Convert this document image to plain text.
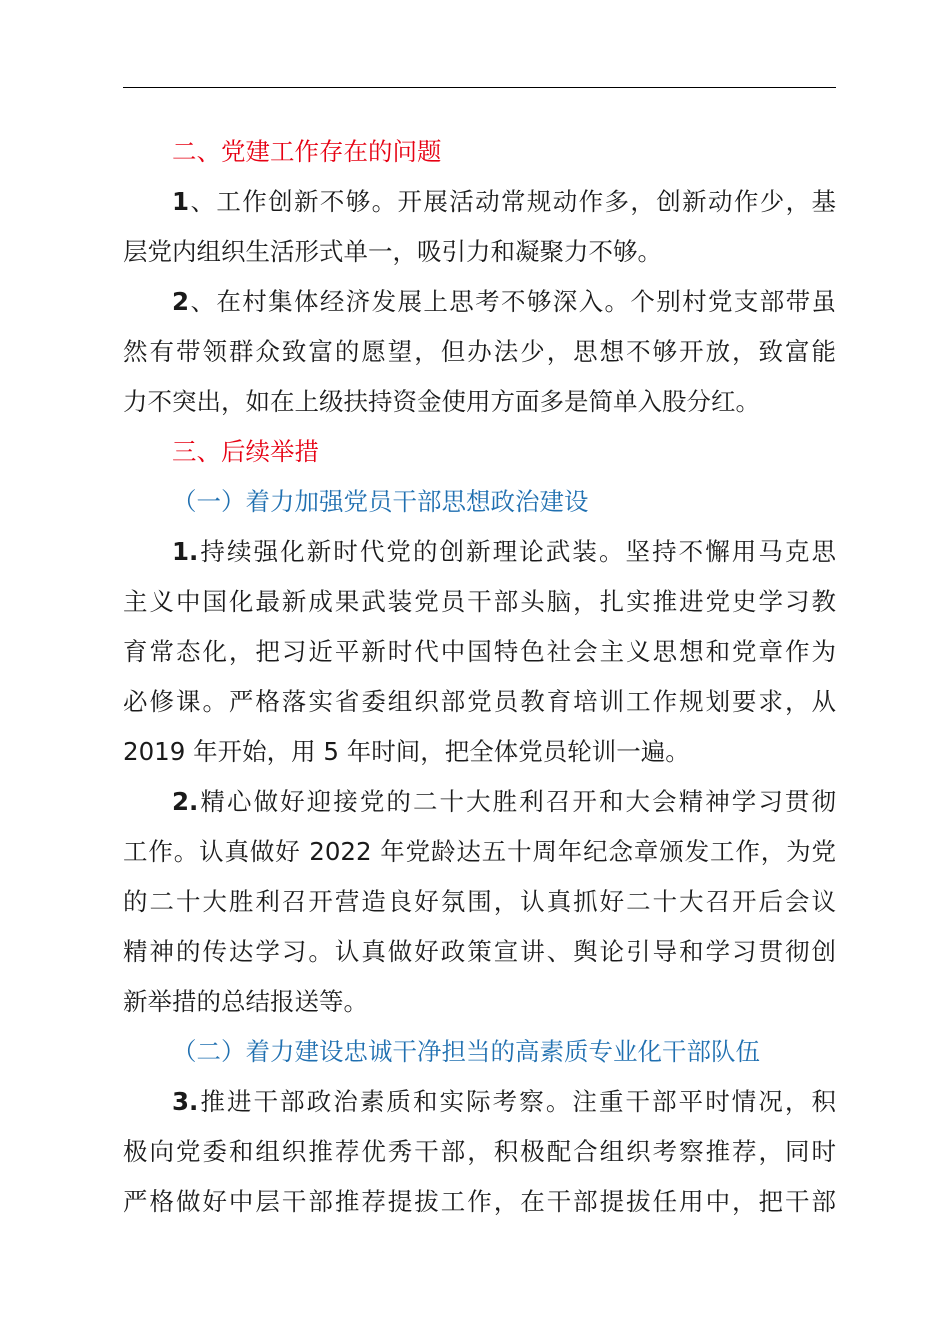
二、党建工作存在的问题
1、工作创新不够。开展活动常规动作多，创新动作少，基
层党内组织生活形式单一，吸引力和凝聚力不够。
2、在村集体经济发展上思考不够深入。个别村党支部带虽
然有带领群众致富的愿望，但办法少，思想不够开放，致富能
力不突出，如在上级扶持资金使用方面多是简单入股分红。
三、后续举措
（一）着力加强党员干部思想政治建设
1.持续强化新时代党的创新理论武装。坚持不懈用马克思
主义中国化最新成果武装党员干部头脑，扎实推进党史学习教
育常态化，把习近平新时代中国特色社会主义思想和党章作为
必修课。严格落实省委组织部党员教育培训工作规划要求，从
2019 年开始，用 5 年时间，把全体党员轮训一遍。
2.精心做好迎接党的二十大胜利召开和大会精神学习贯彻
工作。认真做好 2022 年党龄达五十周年纪念章颁发工作，为党
的二十大胜利召开营造良好氛围，认真抓好二十大召开后会议
精神的传达学习。认真做好政策宣讲、舆论引导和学习贯彻创
新举措的总结报送等。
（二）着力建设忠诚干净担当的高素质专业化干部队伍
3.推进干部政治素质和实际考察。注重干部平时情况，积
极向党委和组织推荐优秀干部，积极配合组织考察推荐，同时
严格做好中层干部推荐提拔工作，在干部提拔任用中，把干部
